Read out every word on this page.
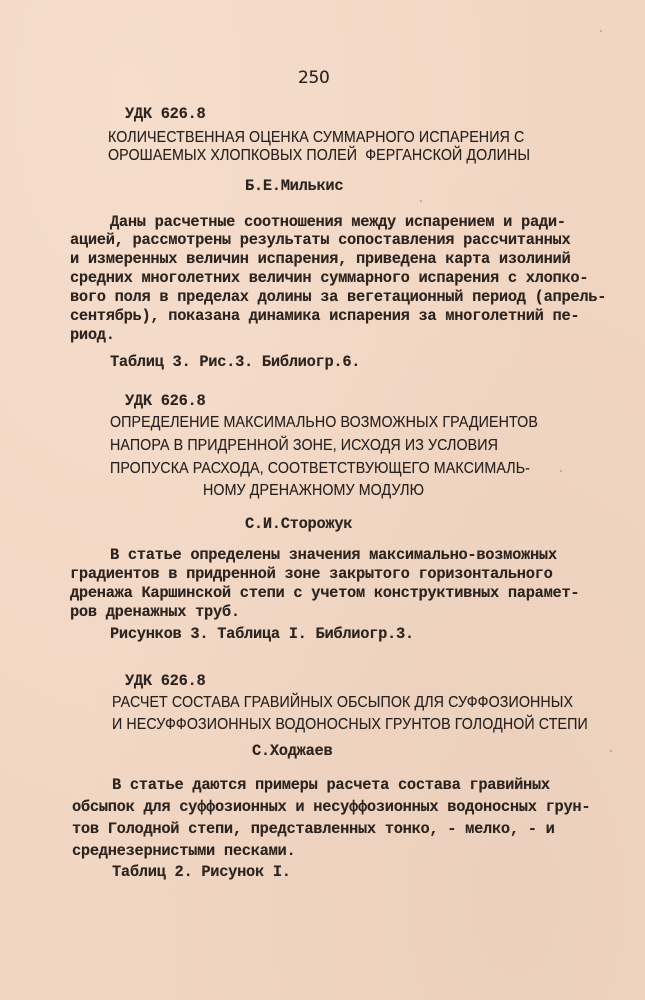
250
УДК 626.8
КОЛИЧЕСТВЕННАЯ ОЦЕНКА СУММАРНОГО ИСПАРЕНИЯ С
ОРОШАЕМЫХ ХЛОПКОВЫХ ПОЛЕЙ  ФЕРГАНСКОЙ ДОЛИНЫ
Б.Е.Милькис
Даны расчетные соотношения между испарением и ради-
ацией, рассмотрены результаты сопоставления рассчитанных
и измеренных величин испарения, приведена карта изолиний
средних многолетних величин суммарного испарения с хлопко-
вого поля в пределах долины за вегетационный период (апрель-
сентябрь), показана динамика испарения за многолетний пе-
риод.
Таблиц 3. Рис.3. Библиогр.6.
УДК 626.8
ОПРЕДЕЛЕНИЕ МАКСИМАЛЬНО ВОЗМОЖНЫХ ГРАДИЕНТОВ
НАПОРА В ПРИДРЕННОЙ ЗОНЕ, ИСХОДЯ ИЗ УСЛОВИЯ
ПРОПУСКА РАСХОДА, СООТВЕТСТВУЮЩЕГО МАКСИМАЛЬ-
НОМУ ДРЕНАЖНОМУ МОДУЛЮ
С.И.Сторожук
В статье определены значения максимально-возможных
градиентов в придренной зоне закрытого горизонтального
дренажа Каршинской степи с учетом конструктивных парамет-
ров дренажных труб.
Рисунков 3. Таблица I. Библиогр.3.
УДК 626.8
РАСЧЕТ СОСТАВА ГРАВИЙНЫХ ОБСЫПОК ДЛЯ СУФФОЗИОННЫХ
И НЕСУФФОЗИОННЫХ ВОДОНОСНЫХ ГРУНТОВ ГОЛОДНОЙ СТЕПИ
С.Ходжаев
В статье даются примеры расчета состава гравийных
обсыпок для суффозионных и несуффозионных водоносных грун-
тов Голодной степи, представленных тонко, - мелко, - и
среднезернистыми песками.
Таблиц 2. Рисунок I.
